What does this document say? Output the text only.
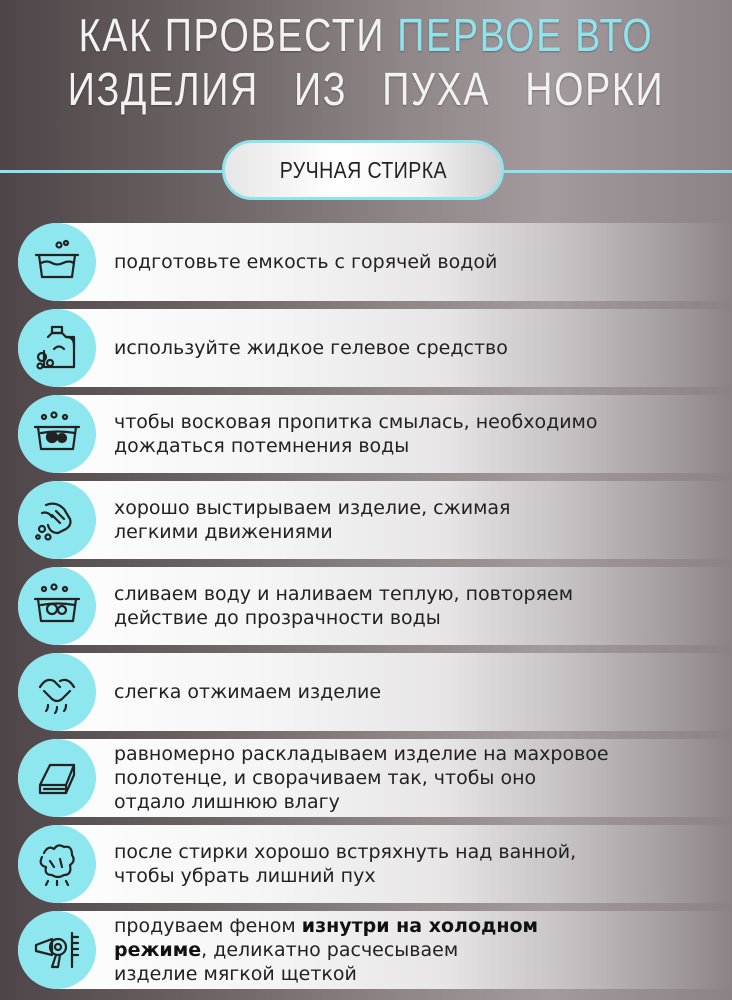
КАК ПРОВЕСТИ ПЕРВОЕ ВТО
ИЗДЕЛИЯ ИЗ ПУХА НОРКИ
РУЧНАЯ СТИРКА
подготовьте емкость с горячей водой
используйте жидкое гелевое средство
чтобы восковая пропитка смылась, необходимо
дождаться потемнения воды
хорошо выстирываем изделие, сжимая
легкими движениями
сливаем воду и наливаем теплую, повторяем
действие до прозрачности воды
слегка отжимаем изделие
равномерно раскладываем изделие на махровое
полотенце, и сворачиваем так, чтобы оно
отдало лишнюю влагу
после стирки хорошо встряхнуть над ванной,
чтобы убрать лишний пух
продуваем феном изнутри на холодном
режиме, деликатно расчесываем
изделие мягкой щеткой
